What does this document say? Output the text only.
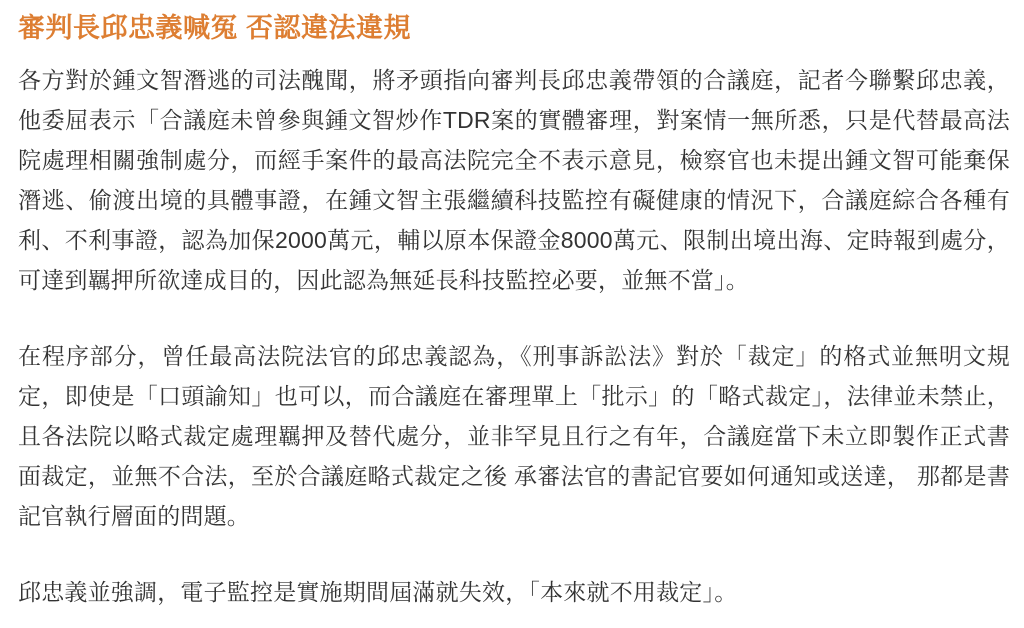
審判長邱忠義喊冤 否認違法違規

各方對於鍾文智潛逃的司法醜聞，將矛頭指向審判長邱忠義帶領的合議庭，記者今聯繫邱忠義，他委屈表示「合議庭未曾參與鍾文智炒作TDR案的實體審理，對案情一無所悉，只是代替最高法院處理相關強制處分，而經手案件的最高法院完全不表示意見，檢察官也未提出鍾文智可能棄保潛逃、偷渡出境的具體事證，在鍾文智主張繼續科技監控有礙健康的情況下，合議庭綜合各種有利、不利事證，認為加保2000萬元，輔以原本保證金8000萬元、限制出境出海、定時報到處分，可達到羈押所欲達成目的，因此認為無延長科技監控必要，並無不當」。

在程序部分，曾任最高法院法官的邱忠義認為，《刑事訴訟法》對於「裁定」的格式並無明文規定，即使是「口頭諭知」也可以，而合議庭在審理單上「批示」的「略式裁定」，法律並未禁止，且各法院以略式裁定處理羈押及替代處分，並非罕見且行之有年，合議庭當下未立即製作正式書面裁定，並無不合法，至於合議庭略式裁定之後 承審法官的書記官要如何通知或送達， 那都是書記官執行層面的問題。

邱忠義並強調，電子監控是實施期間屆滿就失效，「本來就不用裁定」。
